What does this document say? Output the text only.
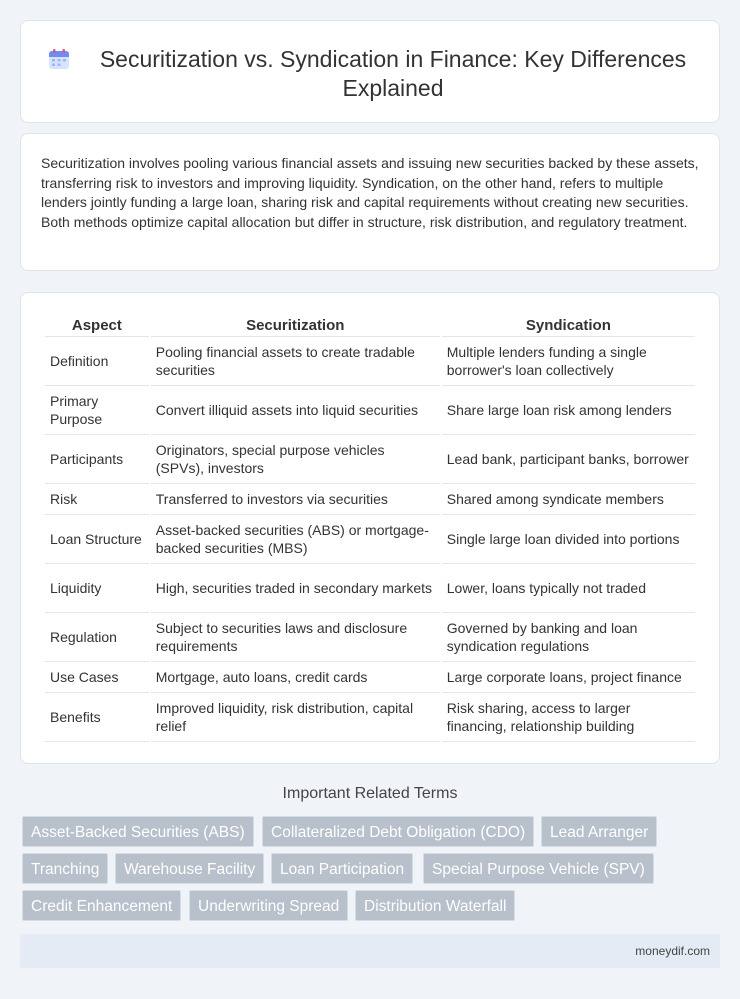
Securitization vs. Syndication in Finance: Key Differences Explained

Securitization involves pooling various financial assets and issuing new securities backed by these assets, transferring risk to investors and improving liquidity. Syndication, on the other hand, refers to multiple lenders jointly funding a large loan, sharing risk and capital requirements without creating new securities. Both methods optimize capital allocation but differ in structure, risk distribution, and regulatory treatment.

Aspect	Securitization	Syndication
Definition	Pooling financial assets to create tradable securities	Multiple lenders funding a single borrower's loan collectively
Primary Purpose	Convert illiquid assets into liquid securities	Share large loan risk among lenders
Participants	Originators, special purpose vehicles (SPVs), investors	Lead bank, participant banks, borrower
Risk	Transferred to investors via securities	Shared among syndicate members
Loan Structure	Asset-backed securities (ABS) or mortgage-backed securities (MBS)	Single large loan divided into portions
Liquidity	High, securities traded in secondary markets	Lower, loans typically not traded
Regulation	Subject to securities laws and disclosure requirements	Governed by banking and loan syndication regulations
Use Cases	Mortgage, auto loans, credit cards	Large corporate loans, project finance
Benefits	Improved liquidity, risk distribution, capital relief	Risk sharing, access to larger financing, relationship building
Important Related Terms
Asset-Backed Securities (ABS)	Collateralized Debt Obligation (CDO)	Lead Arranger
Tranching	Warehouse Facility	Loan Participation	Special Purpose Vehicle (SPV)
Credit Enhancement	Underwriting Spread	Distribution Waterfall
moneydif.com
